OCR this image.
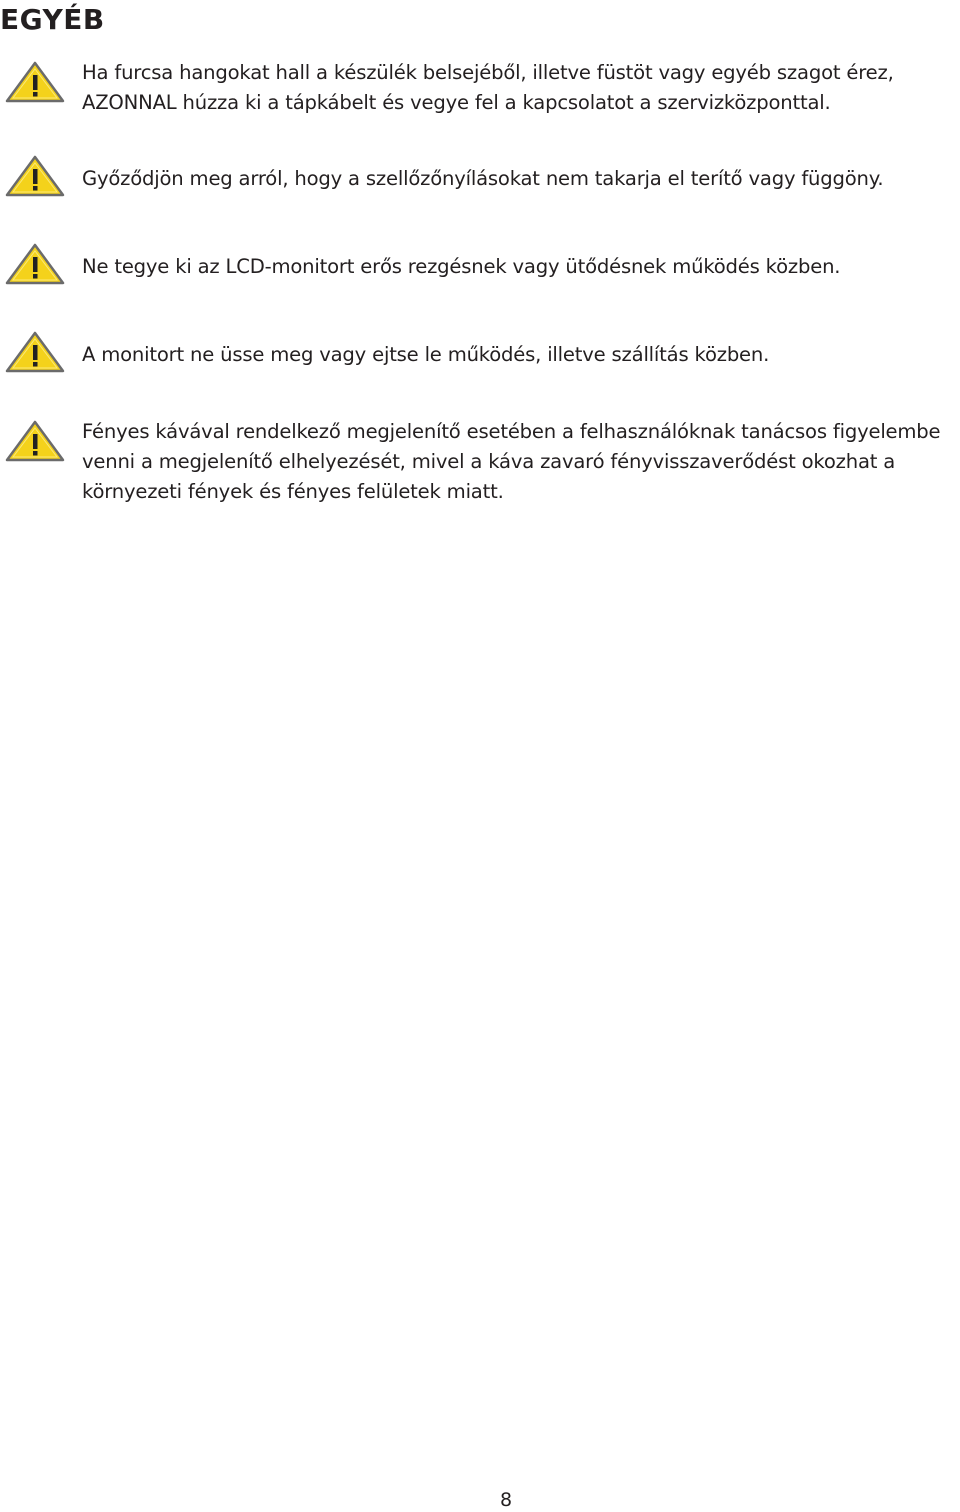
EGYÉB

Ha furcsa hangokat hall a készülék belsejéből, illetve füstöt vagy egyéb szagot érez, AZONNAL húzza ki a tápkábelt és vegye fel a kapcsolatot a szervizközponttal.

Győződjön meg arról, hogy a szellőzőnyílásokat nem takarja el terítő vagy függöny.

Ne tegye ki az LCD-monitort erős rezgésnek vagy ütődésnek működés közben.

A monitort ne üsse meg vagy ejtse le működés, illetve szállítás közben.

Fényes kávával rendelkező megjelenítő esetében a felhasználóknak tanácsos figyelembe venni a megjelenítő elhelyezését, mivel a káva zavaró fényvisszaverődést okozhat a környezeti fények és fényes felületek miatt.

8
